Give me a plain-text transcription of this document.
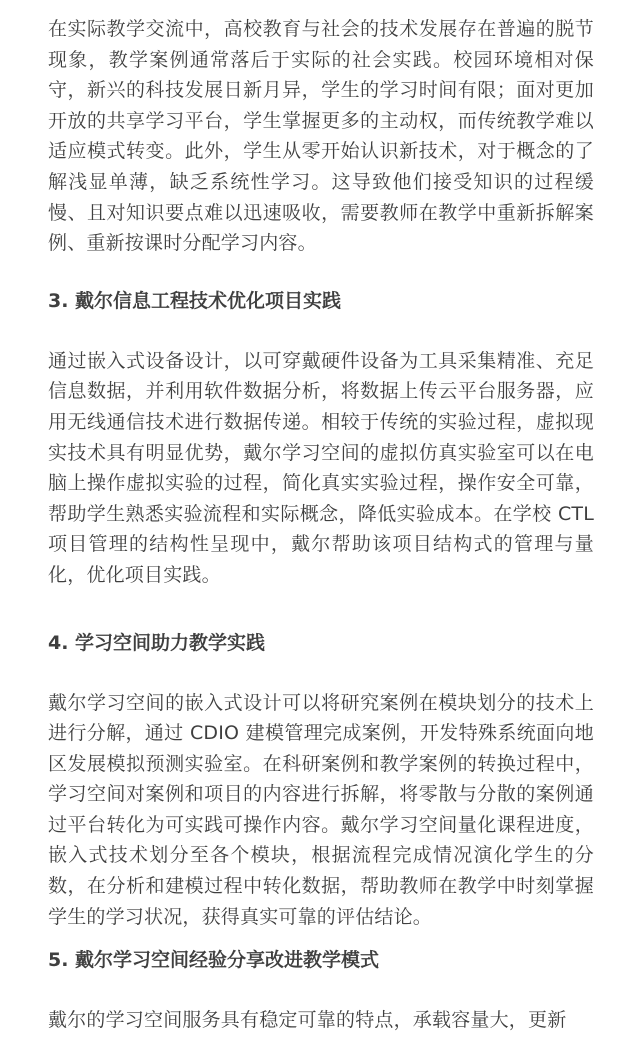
在实际教学交流中，高校教育与社会的技术发展存在普遍的脱节现象，教学案例通常落后于实际的社会实践。校园环境相对保守，新兴的科技发展日新月异，学生的学习时间有限；面对更加开放的共享学习平台，学生掌握更多的主动权，而传统教学难以适应模式转变。此外，学生从零开始认识新技术，对于概念的了解浅显单薄，缺乏系统性学习。这导致他们接受知识的过程缓慢、且对知识要点难以迅速吸收，需要教师在教学中重新拆解案例、重新按课时分配学习内容。

3. 戴尔信息工程技术优化项目实践

通过嵌入式设备设计，以可穿戴硬件设备为工具采集精准、充足信息数据，并利用软件数据分析，将数据上传云平台服务器，应用无线通信技术进行数据传递。相较于传统的实验过程，虚拟现实技术具有明显优势，戴尔学习空间的虚拟仿真实验室可以在电脑上操作虚拟实验的过程，简化真实实验过程，操作安全可靠，帮助学生熟悉实验流程和实际概念，降低实验成本。在学校 CTL 项目管理的结构性呈现中，戴尔帮助该项目结构式的管理与量化，优化项目实践。

4. 学习空间助力教学实践

戴尔学习空间的嵌入式设计可以将研究案例在模块划分的技术上进行分解，通过 CDIO 建模管理完成案例，开发特殊系统面向地区发展模拟预测实验室。在科研案例和教学案例的转换过程中，学习空间对案例和项目的内容进行拆解，将零散与分散的案例通过平台转化为可实践可操作内容。戴尔学习空间量化课程进度，嵌入式技术划分至各个模块，根据流程完成情况演化学生的分数，在分析和建模过程中转化数据，帮助教师在教学中时刻掌握学生的学习状况，获得真实可靠的评估结论。

5. 戴尔学习空间经验分享改进教学模式

戴尔的学习空间服务具有稳定可靠的特点，承载容量大，更新
